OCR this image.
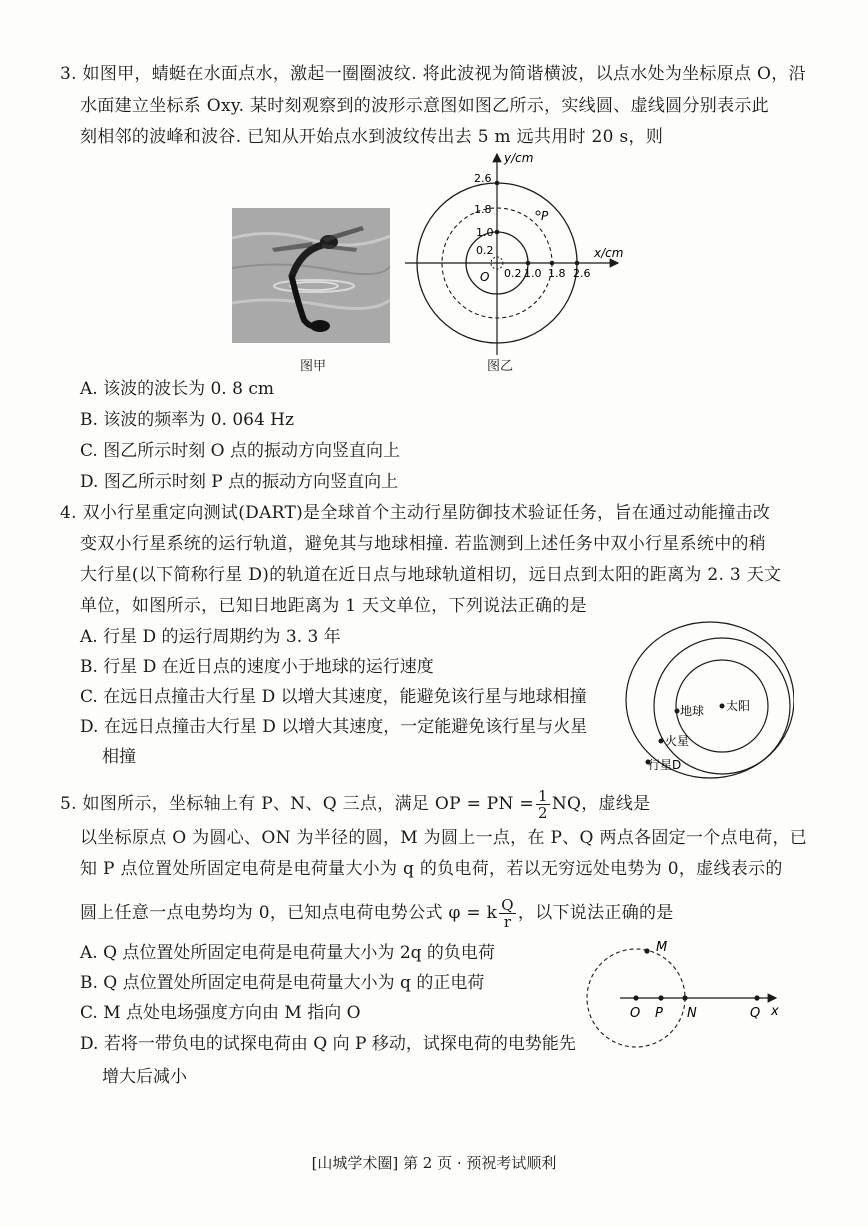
3. 如图甲，蜻蜓在水面点水，激起一圈圈波纹. 将此波视为简谐横波，以点水处为坐标原点 O，沿
水面建立坐标系 Oxy. 某时刻观察到的波形示意图如图乙所示，实线圆、虚线圆分别表示此
刻相邻的波峰和波谷. 已知从开始点水到波纹传出去 5 m 远共用时 20 s，则
图甲
y/cm
x/cm
2.6
1.8
1.0
0.2
0.2 1.0 1.8 2.6
O
P
图乙
A. 该波的波长为 0. 8 cm
B. 该波的频率为 0. 064 Hz
C. 图乙所示时刻 O 点的振动方向竖直向上
D. 图乙所示时刻 P 点的振动方向竖直向上
4. 双小行星重定向测试(DART)是全球首个主动行星防御技术验证任务，旨在通过动能撞击改
变双小行星系统的运行轨道，避免其与地球相撞. 若监测到上述任务中双小行星系统中的稍
大行星(以下简称行星 D)的轨道在近日点与地球轨道相切，远日点到太阳的距离为 2. 3 天文
单位，如图所示，已知日地距离为 1 天文单位，下列说法正确的是
A. 行星 D 的运行周期约为 3. 3 年
B. 行星 D 在近日点的速度小于地球的运行速度
C. 在远日点撞击大行星 D 以增大其速度，能避免该行星与地球相撞
D. 在远日点撞击大行星 D 以增大其速度，一定能避免该行星与火星
相撞
太阳
地球
火星
行星D
5. 如图所示，坐标轴上有 P、N、Q 三点，满足 OP = PN = $\frac{1}{2}$ NQ，虚线是
以坐标原点 O 为圆心、ON 为半径的圆，M 为圆上一点，在 P、Q 两点各固定一个点电荷，已
知 P 点位置处所固定电荷是电荷量大小为 q 的负电荷，若以无穷远处电势为 0，虚线表示的
圆上任意一点电势均为 0，已知点电荷电势公式 φ = k $\frac{Q}{r}$ ，以下说法正确的是
A. Q 点位置处所固定电荷是电荷量大小为 2q 的负电荷
B. Q 点位置处所固定电荷是电荷量大小为 q 的正电荷
C. M 点处电场强度方向由 M 指向 O
D. 若将一带负电的试探电荷由 Q 向 P 移动，试探电荷的电势能先
增大后减小
M
O P N	Q x
[山城学术圈] 第 2 页 · 预祝考试顺利
